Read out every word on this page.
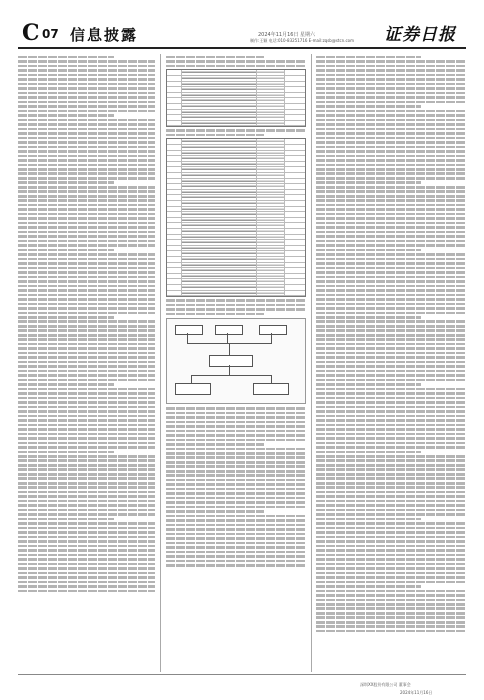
C 07 信息披露	2024年11月16日 星期六
制作:王颖 电话:010-83251716 E-mail:zqsb@stcn.com 证券日报
深圳XX股份有限公司 董事会
2024年11月16日
